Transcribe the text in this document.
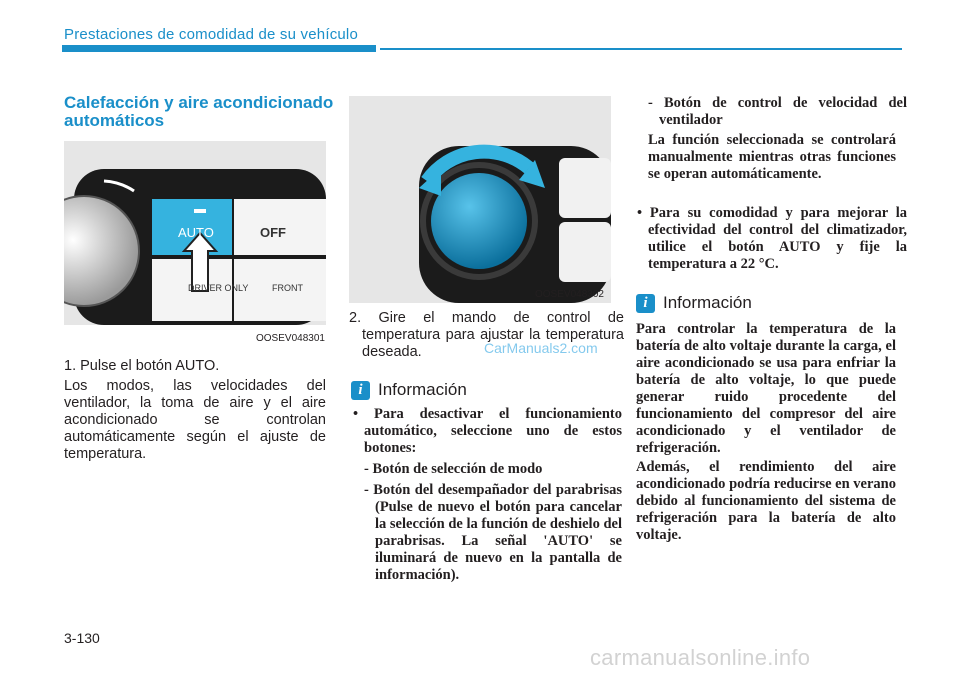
Prestaciones de comodidad de su vehículo
Calefacción y aire acondicionado automáticos
AUTO	OFF
DRIVER ONLY	FRONT
OOSEV048301
OOSEV048302
1. Pulse el botón AUTO.
Los modos, las velocidades del ventilador, la toma de aire y el aire acondicionado se controlan automáticamente según el ajuste de temperatura.
2. Gire el mando de control de temperatura para ajustar la temperatura deseada.
i Información
• Para desactivar el funcionamiento automático, seleccione uno de estos botones:
- Botón de selección de modo
- Botón del desempañador del parabrisas (Pulse de nuevo el botón para cancelar la selección de la función de deshielo del parabrisas. La señal 'AUTO' se iluminará de nuevo en la pantalla de información).
- Botón de control de velocidad del ventilador
La función seleccionada se controlará manualmente mientras otras funciones se operan automáticamente.
• Para su comodidad y para mejorar la efectividad del control del climatizador, utilice el botón AUTO y fije la temperatura a 22 °C.
i Información
Para controlar la temperatura de la batería de alto voltaje durante la carga, el aire acondicionado se usa para enfriar la batería de alto voltaje, lo que puede generar ruido procedente del funcionamiento del compresor del aire acondicionado y el ventilador de refrigeración.
Además, el rendimiento del aire acondicionado podría reducirse en verano debido al funcionamiento del sistema de refrigeración para la batería de alto voltaje.
3-130
CarManuals2.com
carmanualsonline.info
